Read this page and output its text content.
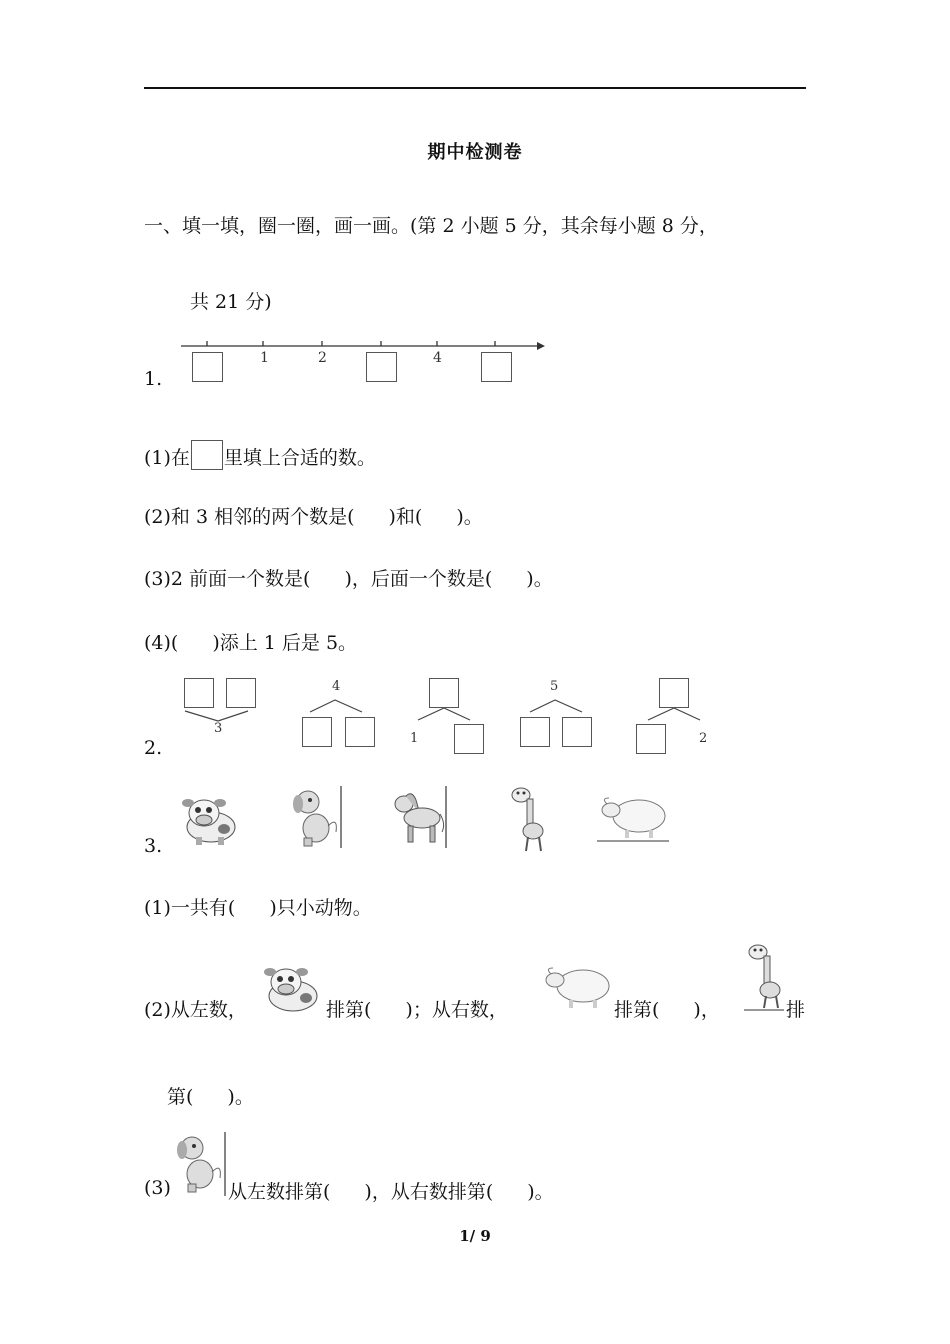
期中检测卷
一、填一填，圈一圈，画一画。(第 2 小题 5 分，其余每小题 8 分，
共 21 分)
1.
1	2	4
(1)在 里填上合适的数。
(2)和 3 相邻的两个数是( )和( )。
(3)2 前面一个数是( )，后面一个数是( )。
(4)( )添上 1 后是 5。
2.
3
4
1
5
2
3.
(1)一共有( )只小动物。
(2)从左数，	排第( )；从右数，	排第( )，	排
第( )。
(3)	从左数排第( )，从右数排第( )。
1/ 9
